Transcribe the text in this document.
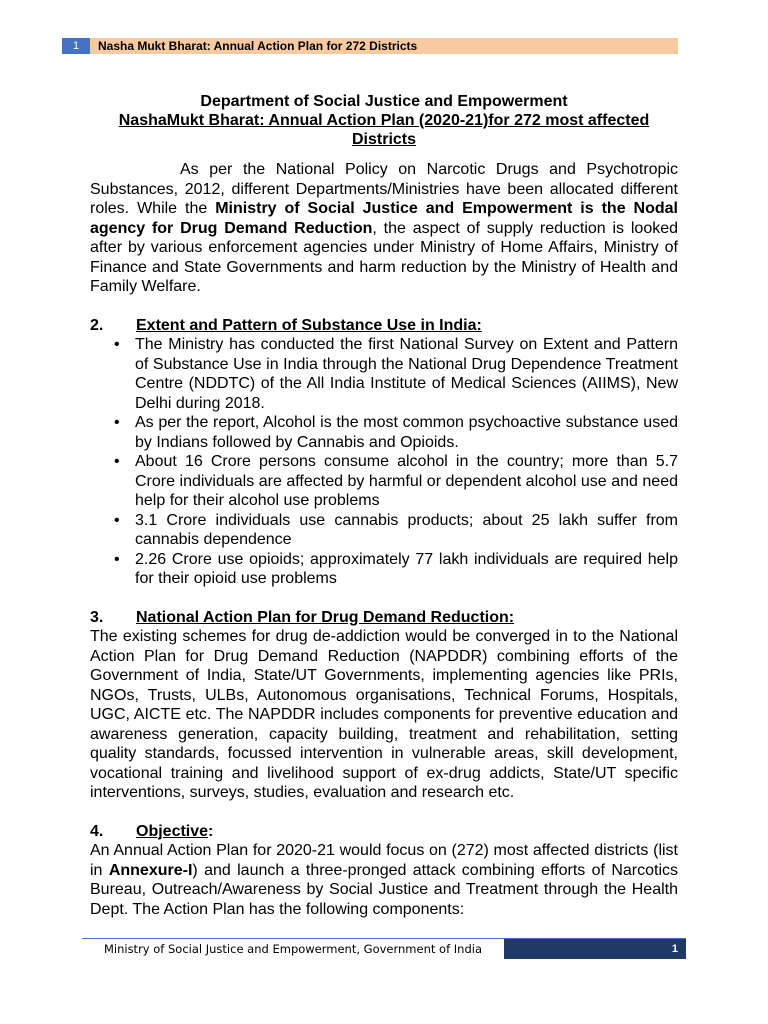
1	Nasha Mukt Bharat: Annual Action Plan for 272 Districts
Department of Social Justice and Empowerment
NashaMukt Bharat: Annual Action Plan (2020-21)for 272 most affected Districts

As per the National Policy on Narcotic Drugs and Psychotropic Substances, 2012, different Departments/Ministries have been allocated different roles. While the Ministry of Social Justice and Empowerment is the Nodal agency for Drug Demand Reduction, the aspect of supply reduction is looked after by various enforcement agencies under Ministry of Home Affairs, Ministry of Finance and State Governments and harm reduction by the Ministry of Health and Family Welfare.

2. Extent and Pattern of Substance Use in India:
• The Ministry has conducted the first National Survey on Extent and Pattern of Substance Use in India through the National Drug Dependence Treatment Centre (NDDTC) of the All India Institute of Medical Sciences (AIIMS), New Delhi during 2018.
• As per the report, Alcohol is the most common psychoactive substance used by Indians followed by Cannabis and Opioids.
• About 16 Crore persons consume alcohol in the country; more than 5.7 Crore individuals are affected by harmful or dependent alcohol use and need help for their alcohol use problems
• 3.1 Crore individuals use cannabis products; about 25 lakh suffer from cannabis dependence
• 2.26 Crore use opioids; approximately 77 lakh individuals are required help for their opioid use problems
3. National Action Plan for Drug Demand Reduction:

The existing schemes for drug de-addiction would be converged in to the National Action Plan for Drug Demand Reduction (NAPDDR) combining efforts of the Government of India, State/UT Governments, implementing agencies like PRIs, NGOs, Trusts, ULBs, Autonomous organisations, Technical Forums, Hospitals, UGC, AICTE etc. The NAPDDR includes components for preventive education and awareness generation, capacity building, treatment and rehabilitation, setting quality standards, focussed intervention in vulnerable areas, skill development, vocational training and livelihood support of ex-drug addicts, State/UT specific interventions, surveys, studies, evaluation and research etc.

4. Objective:

An Annual Action Plan for 2020-21 would focus on (272) most affected districts (list in Annexure-I) and launch a three-pronged attack combining efforts of Narcotics Bureau, Outreach/Awareness by Social Justice and Treatment through the Health Dept. The Action Plan has the following components:

Ministry of Social Justice and Empowerment, Government of India	1
